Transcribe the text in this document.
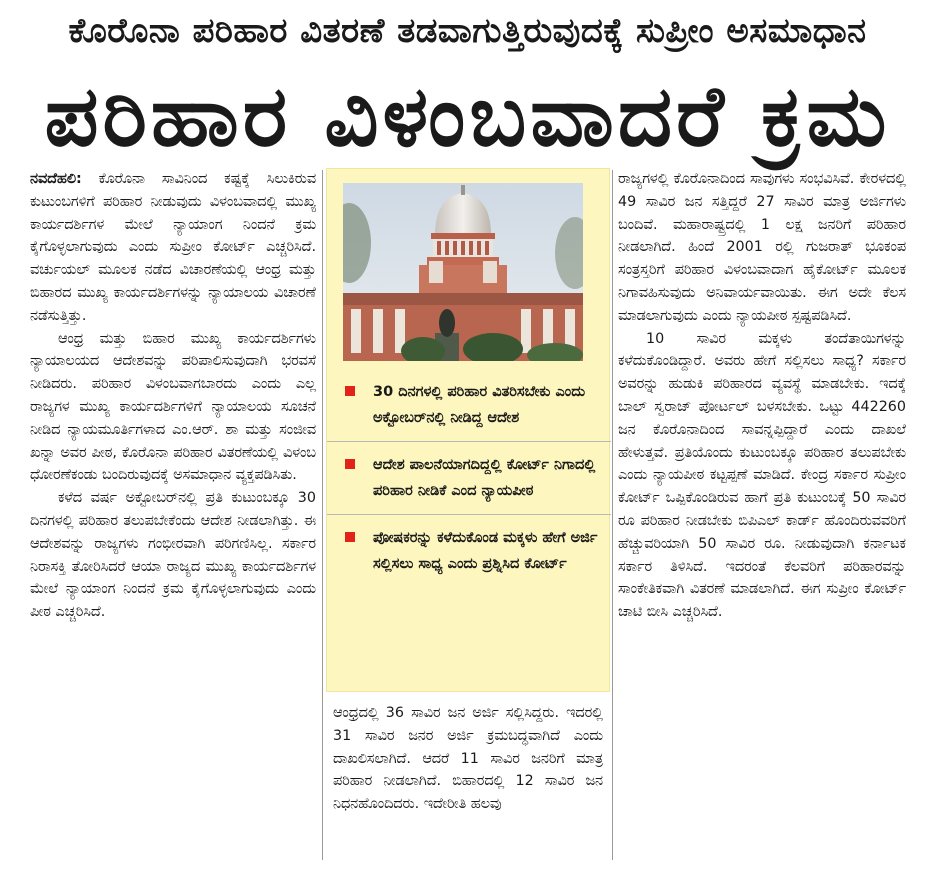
ಕೊರೊನಾ ಪರಿಹಾರ ವಿತರಣೆ ತಡವಾಗುತ್ತಿರುವುದಕ್ಕೆ ಸುಪ್ರೀಂ ಅಸಮಾಧಾನ
ಪರಿಹಾರ ವಿಳಂಬವಾದರೆ ಕ್ರಮ

ನವದೆಹಲಿ: ಕೊರೊನಾ ಸಾವಿನಿಂದ ಕಷ್ಟಕ್ಕೆ ಸಿಲುಕಿರುವ ಕುಟುಂಬಗಳಿಗೆ ಪರಿಹಾರ ನೀಡುವುದು ವಿಳಂಬವಾದಲ್ಲಿ ಮುಖ್ಯ ಕಾರ್ಯದರ್ಶಿಗಳ ಮೇಲೆ ನ್ಯಾಯಾಂಗ ನಿಂದನೆ ಕ್ರಮ ಕೈಗೊಳ್ಳಲಾಗುವುದು ಎಂದು ಸುಪ್ರೀಂ ಕೋರ್ಟ್ ಎಚ್ಚರಿಸಿದೆ. ವರ್ಚುಯಲ್ ಮೂಲಕ ನಡೆದ ವಿಚಾರಣೆಯಲ್ಲಿ ಆಂಧ್ರ ಮತ್ತು ಬಿಹಾರದ ಮುಖ್ಯ ಕಾರ್ಯದರ್ಶಿಗಳನ್ನು ನ್ಯಾಯಾಲಯ ವಿಚಾರಣೆ ನಡೆಸುತ್ತಿತ್ತು.

ಆಂಧ್ರ ಮತ್ತು ಬಿಹಾರ ಮುಖ್ಯ ಕಾರ್ಯದರ್ಶಿಗಳು ನ್ಯಾಯಾಲಯದ ಆದೇಶವನ್ನು ಪರಿಪಾಲಿಸುವುದಾಗಿ ಭರವಸೆ ನೀಡಿದರು. ಪರಿಹಾರ ವಿಳಂಬವಾಗಬಾರದು ಎಂದು ಎಲ್ಲ ರಾಜ್ಯಗಳ ಮುಖ್ಯ ಕಾರ್ಯದರ್ಶಿಗಳಿಗೆ ನ್ಯಾಯಾಲಯ ಸೂಚನೆ ನೀಡಿದ ನ್ಯಾಯಮೂರ್ತಿಗಳಾದ ಎಂ.ಆರ್. ಶಾ ಮತ್ತು ಸಂಜೀವ ಖನ್ನಾ ಅವರ ಪೀಠ, ಕೊರೊನಾ ಪರಿಹಾರ ವಿತರಣೆಯಲ್ಲಿ ವಿಳಂಬ ಧೋರಣೆಕಂಡು ಬಂದಿರುವುದಕ್ಕೆ ಅಸಮಾಧಾನ ವ್ಯಕ್ತಪಡಿಸಿತು.

ಕಳೆದ ವರ್ಷ ಅಕ್ಟೋಬರ್‌ನಲ್ಲಿ ಪ್ರತಿ ಕುಟುಂಬಕ್ಕೂ 30 ದಿನಗಳಲ್ಲಿ ಪರಿಹಾರ ತಲುಪಬೇಕೆಂದು ಆದೇಶ ನೀಡಲಾಗಿತ್ತು. ಈ ಆದೇಶವನ್ನು ರಾಜ್ಯಗಳು ಗಂಭೀರವಾಗಿ ಪರಿಗಣಿಸಿಲ್ಲ. ಸರ್ಕಾರ ನಿರಾಸಕ್ತಿ ತೋರಿಸಿದರೆ ಆಯಾ ರಾಜ್ಯದ ಮುಖ್ಯ ಕಾರ್ಯದರ್ಶಿಗಳ ಮೇಲೆ ನ್ಯಾಯಾಂಗ ನಿಂದನೆ ಕ್ರಮ ಕೈಗೊಳ್ಳಲಾಗುವುದು ಎಂದು ಪೀಠ ಎಚ್ಚರಿಸಿದೆ.

30 ದಿನಗಳಲ್ಲಿ ಪರಿಹಾರ ವಿತರಿಸಬೇಕು ಎಂದು ಅಕ್ಟೋಬರ್‌ನಲ್ಲಿ ನೀಡಿದ್ದ ಆದೇಶ
ಆದೇಶ ಪಾಲನೆಯಾಗದಿದ್ದಲ್ಲಿ ಕೋರ್ಟ್ ನಿಗಾದಲ್ಲಿ ಪರಿಹಾರ ನೀಡಿಕೆ ಎಂದ ನ್ಯಾಯಪೀಠ
ಪೋಷಕರನ್ನು ಕಳೆದುಕೊಂಡ ಮಕ್ಕಳು ಹೇಗೆ ಅರ್ಜಿ ಸಲ್ಲಿಸಲು ಸಾಧ್ಯ ಎಂದು ಪ್ರಶ್ನಿಸಿದ ಕೋರ್ಟ್

ಆಂಧ್ರದಲ್ಲಿ 36 ಸಾವಿರ ಜನ ಅರ್ಜಿ ಸಲ್ಲಿಸಿದ್ದರು. ಇದರಲ್ಲಿ 31 ಸಾವಿರ ಜನರ ಅರ್ಜಿ ಕ್ರಮಬದ್ಧವಾಗಿದೆ ಎಂದು ದಾಖಲಿಸಲಾಗಿದೆ. ಆದರೆ 11 ಸಾವಿರ ಜನರಿಗೆ ಮಾತ್ರ ಪರಿಹಾರ ನೀಡಲಾಗಿದೆ. ಬಿಹಾರದಲ್ಲಿ 12 ಸಾವಿರ ಜನ ನಿಧನಹೊಂದಿದರು. ಇದೇರೀತಿ ಹಲವು

ರಾಜ್ಯಗಳಲ್ಲಿ ಕೊರೊನಾದಿಂದ ಸಾವುಗಳು ಸಂಭವಿಸಿವೆ. ಕೇರಳದಲ್ಲಿ 49 ಸಾವಿರ ಜನ ಸತ್ತಿದ್ದರೆ 27 ಸಾವಿರ ಮಾತ್ರ ಅರ್ಜಿಗಳು ಬಂದಿವೆ. ಮಹಾರಾಷ್ಟ್ರದಲ್ಲಿ 1 ಲಕ್ಷ ಜನರಿಗೆ ಪರಿಹಾರ ನೀಡಲಾಗಿದೆ. ಹಿಂದೆ 2001 ರಲ್ಲಿ ಗುಜರಾತ್ ಭೂಕಂಪ ಸಂತ್ರಸ್ತರಿಗೆ ಪರಿಹಾರ ವಿಳಂಬವಾದಾಗ ಹೈಕೋರ್ಟ್ ಮೂಲಕ ನಿಗಾವಹಿಸುವುದು ಅನಿವಾರ್ಯವಾಯಿತು. ಈಗ ಅದೇ ಕೆಲಸ ಮಾಡಲಾಗುವುದು ಎಂದು ನ್ಯಾಯಪೀಠ ಸ್ಪಷ್ಟಪಡಿಸಿದೆ.

10 ಸಾವಿರ ಮಕ್ಕಳು ತಂದೆತಾಯಿಗಳನ್ನು ಕಳೆದುಕೊಂಡಿದ್ದಾರೆ. ಅವರು ಹೇಗೆ ಸಲ್ಲಿಸಲು ಸಾಧ್ಯ? ಸರ್ಕಾರ ಅವರನ್ನು ಹುಡುಕಿ ಪರಿಹಾರದ ವ್ಯವಸ್ಥೆ ಮಾಡಬೇಕು. ಇದಕ್ಕೆ ಬಾಲ್ ಸ್ವರಾಜ್ ಪೋರ್ಟಲ್ ಬಳಸಬೇಕು. ಒಟ್ಟು 442260 ಜನ ಕೊರೊನಾದಿಂದ ಸಾವನ್ನಪ್ಪಿದ್ದಾರೆ ಎಂದು ದಾಖಲೆ ಹೇಳುತ್ತವೆ. ಪ್ರತಿಯೊಂದು ಕುಟುಂಬಕ್ಕೂ ಪರಿಹಾರ ತಲುಪಬೇಕು ಎಂದು ನ್ಯಾಯಪೀಠ ಕಟ್ಟಪ್ಪಣೆ ಮಾಡಿದೆ. ಕೇಂದ್ರ ಸರ್ಕಾರ ಸುಪ್ರೀಂ ಕೋರ್ಟ್ ಒಪ್ಪಿಕೊಂಡಿರುವ ಹಾಗೆ ಪ್ರತಿ ಕುಟುಂಬಕ್ಕೆ 50 ಸಾವಿರ ರೂ ಪರಿಹಾರ ನೀಡಬೇಕು ಬಿಪಿಎಲ್ ಕಾರ್ಡ್ ಹೊಂದಿರುವವರಿಗೆ ಹೆಚ್ಚುವರಿಯಾಗಿ 50 ಸಾವಿರ ರೂ. ನೀಡುವುದಾಗಿ ಕರ್ನಾಟಕ ಸರ್ಕಾರ ತಿಳಿಸಿದೆ. ಇದರಂತೆ ಕೆಲವರಿಗೆ ಪರಿಹಾರವನ್ನು ಸಾಂಕೇತಿಕವಾಗಿ ವಿತರಣೆ ಮಾಡಲಾಗಿದೆ. ಈಗ ಸುಪ್ರೀಂ ಕೋರ್ಟ್ ಚಾಟಿ ಬೀಸಿ ಎಚ್ಚರಿಸಿದೆ.
